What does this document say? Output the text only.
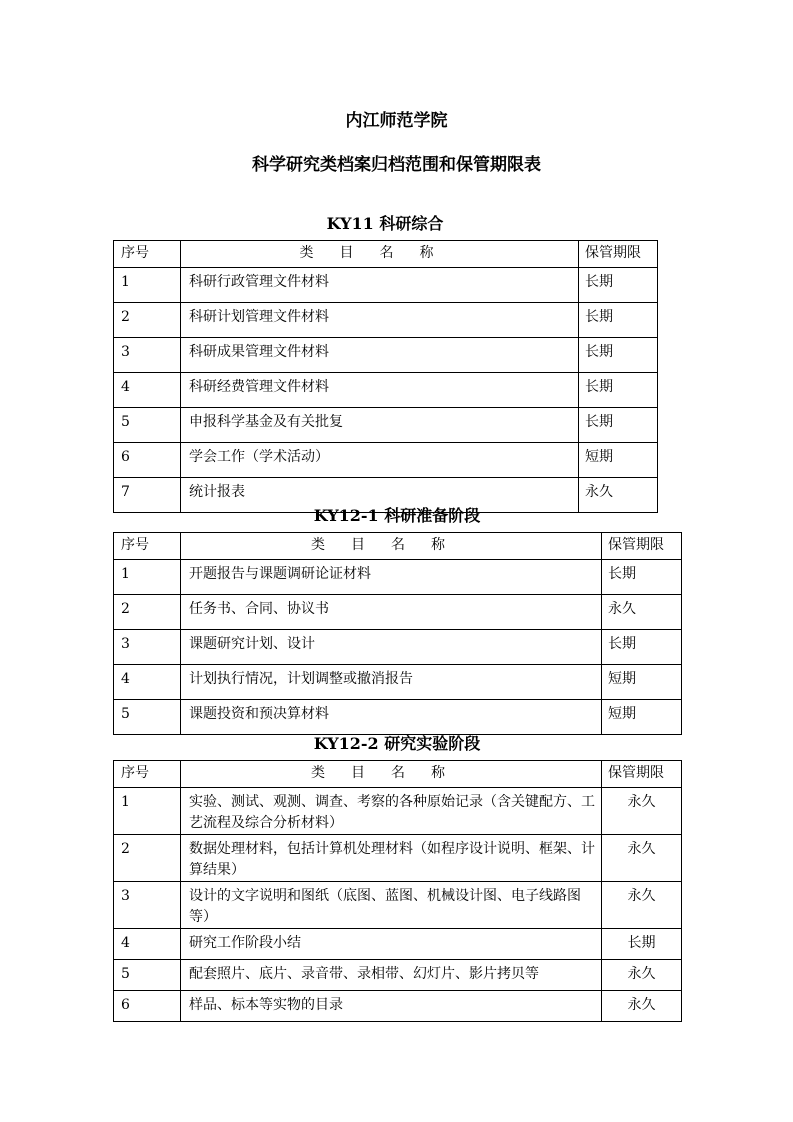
内江师范学院
科学研究类档案归档范围和保管期限表
KY11 科研综合
序号	类目名称	保管期限
1	科研行政管理文件材料	长期
2	科研计划管理文件材料	长期
3	科研成果管理文件材料	长期
4	科研经费管理文件材料	长期
5	申报科学基金及有关批复	长期
6	学会工作（学术活动）	短期
7	统计报表	永久
KY12-1 科研准备阶段
序号	类目名称	保管期限
1	开题报告与课题调研论证材料	长期
2	任务书、合同、协议书	永久
3	课题研究计划、设计	长期
4	计划执行情况，计划调整或撤消报告	短期
5	课题投资和预决算材料	短期
KY12-2 研究实验阶段
序号	类目名称	保管期限
1	实验、测试、观测、调查、考察的各种原始记录（含关键配方、工艺流程及综合分析材料）	永久
2	数据处理材料，包括计算机处理材料（如程序设计说明、框架、计算结果）	永久
3	设计的文字说明和图纸（底图、蓝图、机械设计图、电子线路图等）	永久
4	研究工作阶段小结	长期
5	配套照片、底片、录音带、录相带、幻灯片、影片拷贝等	永久
6	样品、标本等实物的目录	永久
